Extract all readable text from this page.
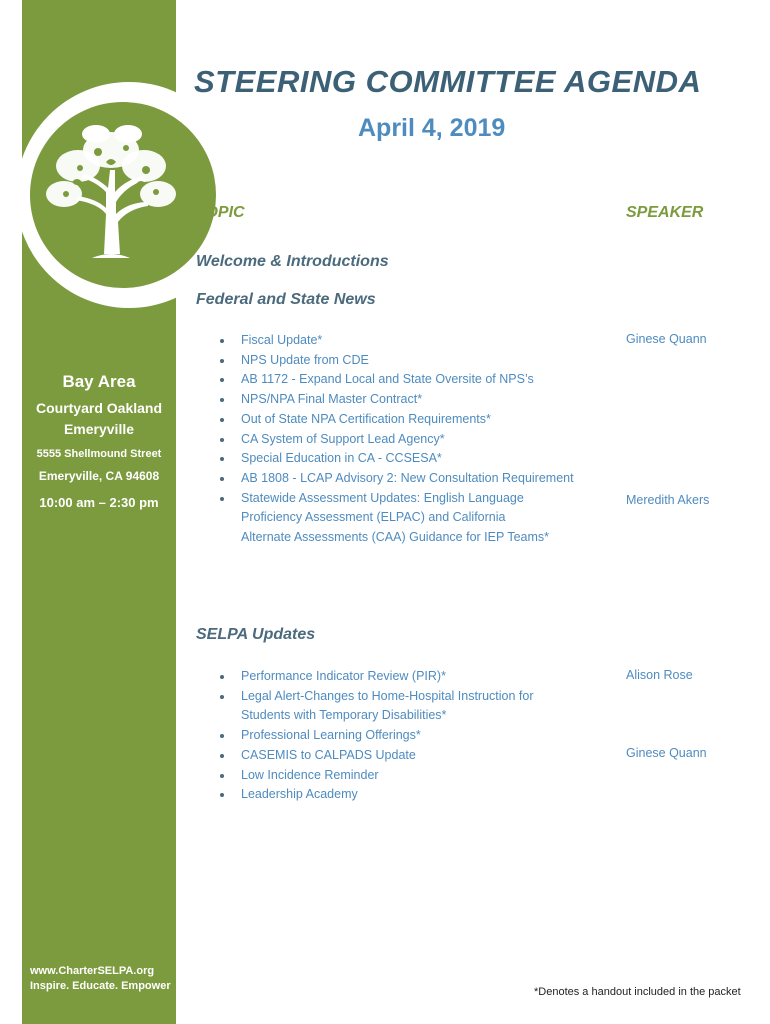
Bay Area
Courtyard Oakland
Emeryville
5555 Shellmound Street
Emeryville, CA 94608
10:00 am – 2:30 pm
www.CharterSELPA.org
Inspire. Educate. Empower
STEERING COMMITTEE AGENDA
April 4, 2019
TOPIC	SPEAKER
Welcome & Introductions
Federal and State News
Fiscal Update*
NPS Update from CDE
AB 1172 - Expand Local and State Oversite of NPS’s
NPS/NPA Final Master Contract*
Out of State NPA Certification Requirements*
CA System of Support Lead Agency*
Special Education in CA - CCSESA*
AB 1808 - LCAP Advisory 2: New Consultation Requirement
Statewide Assessment Updates: English Language Proficiency Assessment (ELPAC) and California Alternate Assessments (CAA) Guidance for IEP Teams*
Ginese Quann
Meredith Akers
SELPA Updates
Performance Indicator Review (PIR)*
Legal Alert-Changes to Home-Hospital Instruction for Students with Temporary Disabilities*
Professional Learning Offerings*
CASEMIS to CALPADS Update
Low Incidence Reminder
Leadership Academy
Alison Rose
Ginese Quann
*Denotes a handout included in the packet
